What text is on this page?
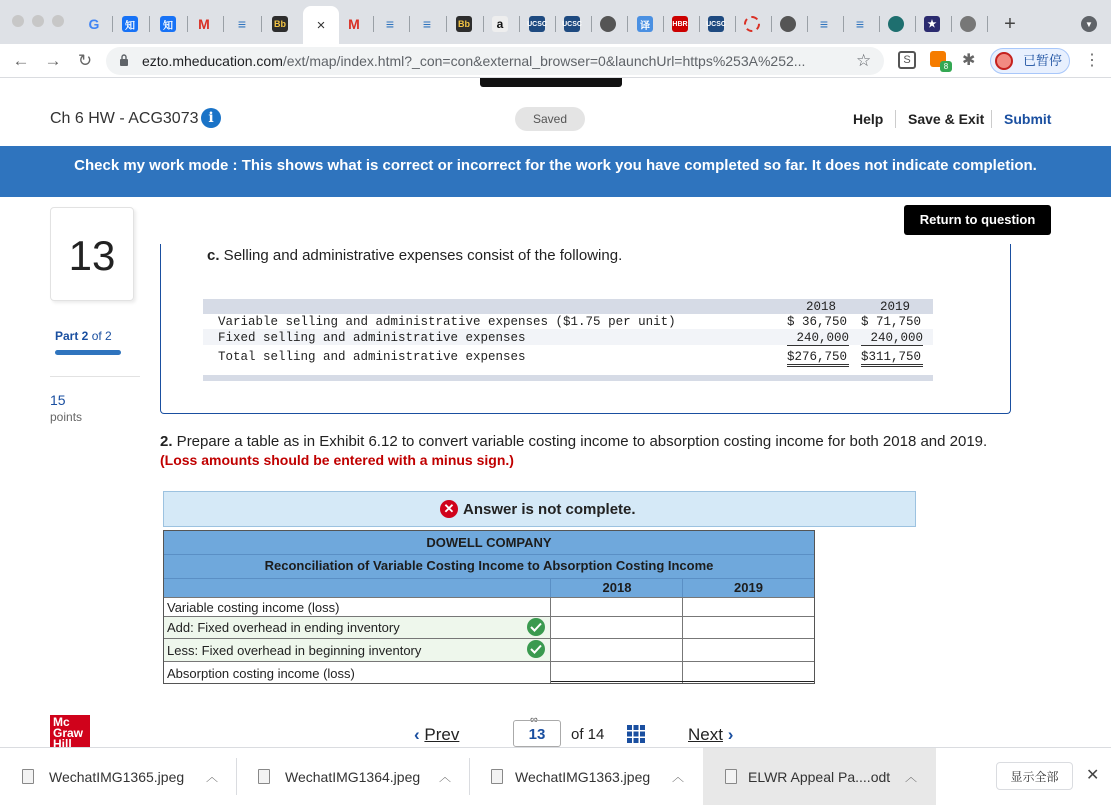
G	知	知 M ≡	Bb × M ≡ ≡	Bb	a	UCSC UCSC	译	HBR	UCSC	≡ ≡	★	+	▼
← → ↻	ezto.mheducation.com/ext/map/index.html?_con=con&external_browser=0&launchUrl=https%253A%252...	☆	S
8 ✱	已暂停	⋮
Ch 6 HW - ACG3073 i	Saved	Help Save & Exit Submit
Check my work mode : This shows what is correct or incorrect for the work you have completed so far. It does not indicate completion.
13
Part 2 of 2
15
points
Return to question
c. Selling and administrative expenses consist of the following.
2018	2019
Variable selling and administrative expenses ($1.75 per unit)	$ 36,750 $ 71,750
Fixed selling and administrative expenses	240,000	240,000
Total selling and administrative expenses	$276,750 $311,750
2. Prepare a table as in Exhibit 6.12 to convert variable costing income to absorption costing income for both 2018 and 2019.
(Loss amounts should be entered with a minus sign.)
✕ Answer is not complete.
DOWELL COMPANY
Reconciliation of Variable Costing Income to Absorption Costing Income
2018	2019
Variable costing income (loss)
Add: Fixed overhead in ending inventory
Less: Fixed overhead in beginning inventory
Absorption costing income (loss)
Mc Graw Hill	‹ Prev
∞
13	of 14	Next ›
WechatIMG1365.jpeg ︿	WechatIMG1364.jpeg ︿	WechatIMG1363.jpeg ︿	ELWR Appeal Pa....odt ︿	显示全部	✕
